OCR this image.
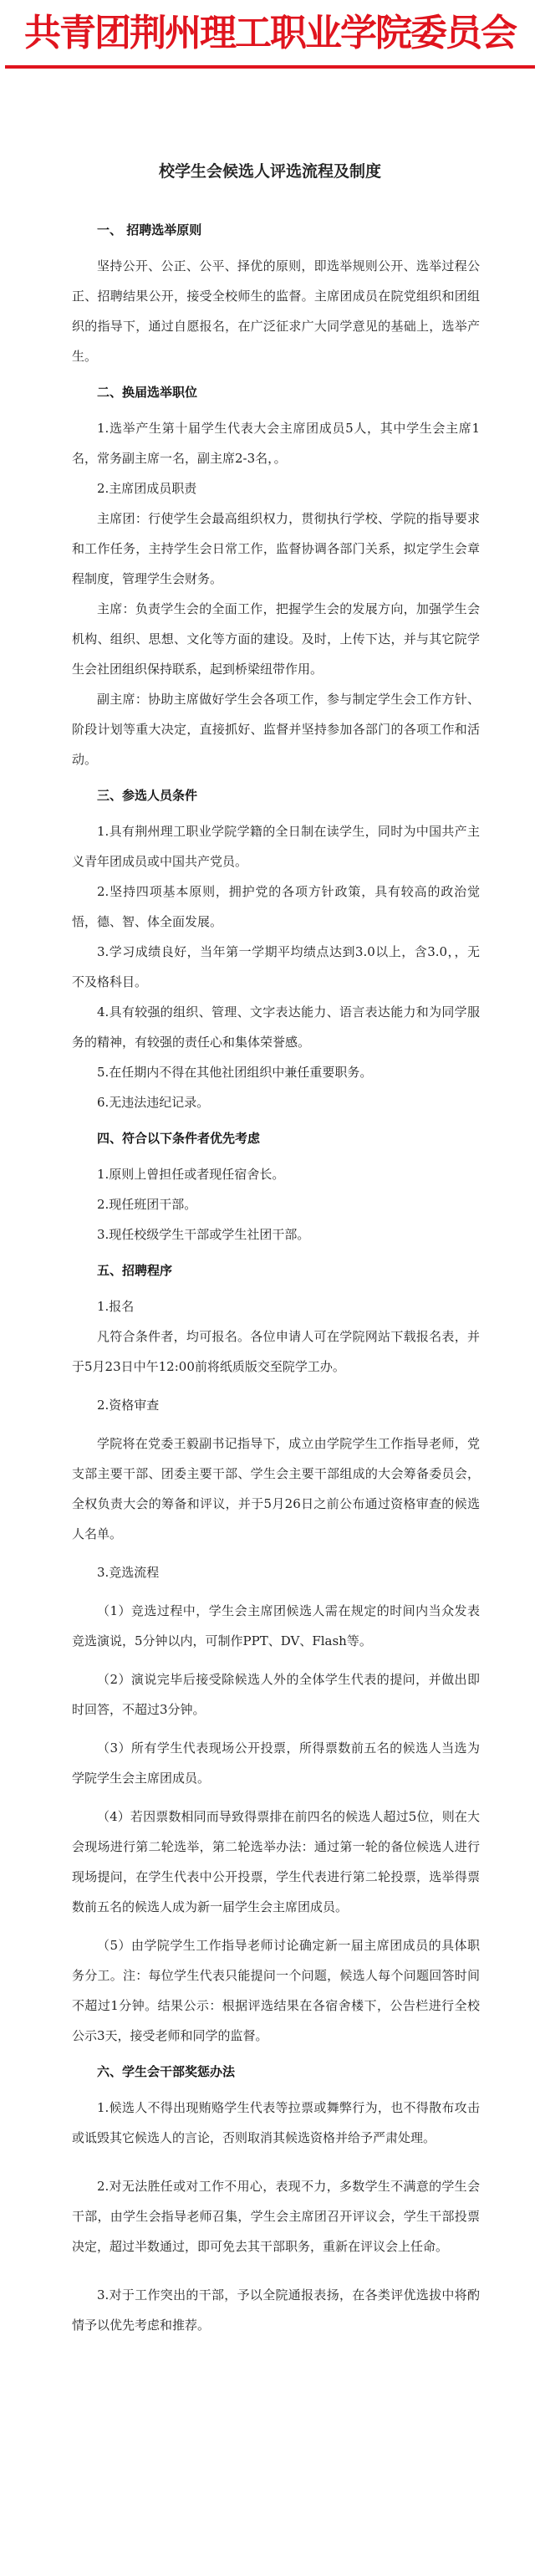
共青团荆州理工职业学院委员会
校学生会候选人评选流程及制度
一、 招聘选举原则

坚持公开、公正、公平、择优的原则，即选举规则公开、选举过程公正、招聘结果公开，接受全校师生的监督。主席团成员在院党组织和团组织的指导下，通过自愿报名，在广泛征求广大同学意见的基础上，选举产生。

二、换届选举职位

1.选举产生第十届学生代表大会主席团成员5人，其中学生会主席1名，常务副主席一名，副主席2-3名，。

2.主席团成员职责

主席团：行使学生会最高组织权力，贯彻执行学校、学院的指导要求和工作任务，主持学生会日常工作，监督协调各部门关系，拟定学生会章程制度，管理学生会财务。

主席：负责学生会的全面工作，把握学生会的发展方向，加强学生会机构、组织、思想、文化等方面的建设。及时，上传下达，并与其它院学生会社团组织保持联系，起到桥梁纽带作用。

副主席：协助主席做好学生会各项工作，参与制定学生会工作方针、阶段计划等重大决定，直接抓好、监督并坚持参加各部门的各项工作和活动。

三、参选人员条件

1.具有荆州理工职业学院学籍的全日制在读学生，同时为中国共产主义青年团成员或中国共产党员。

2.坚持四项基本原则，拥护党的各项方针政策，具有较高的政治觉悟，德、智、体全面发展。

3.学习成绩良好，当年第一学期平均绩点达到3.0以上，含3.0，，无不及格科目。

4.具有较强的组织、管理、文字表达能力、语言表达能力和为同学服务的精神，有较强的责任心和集体荣誉感。

5.在任期内不得在其他社团组织中兼任重要职务。

6.无违法违纪记录。

四、符合以下条件者优先考虑

1.原则上曾担任或者现任宿舍长。

2.现任班团干部。

3.现任校级学生干部或学生社团干部。

五、招聘程序

1.报名

凡符合条件者，均可报名。各位申请人可在学院网站下载报名表，并于5月23日中午12:00前将纸质版交至院学工办。

2.资格审查

学院将在党委王毅副书记指导下，成立由学院学生工作指导老师，党支部主要干部、团委主要干部、学生会主要干部组成的大会筹备委员会，全权负责大会的筹备和评议，并于5月26日之前公布通过资格审查的候选人名单。

3.竞选流程

（1）竞选过程中，学生会主席团候选人需在规定的时间内当众发表竞选演说，5分钟以内，可制作PPT、DV、Flash等。

（2）演说完毕后接受除候选人外的全体学生代表的提问，并做出即时回答，不超过3分钟。

（3）所有学生代表现场公开投票，所得票数前五名的候选人当选为学院学生会主席团成员。

（4）若因票数相同而导致得票排在前四名的候选人超过5位，则在大会现场进行第二轮选举，第二轮选举办法：通过第一轮的备位候选人进行现场提问，在学生代表中公开投票，学生代表进行第二轮投票，选举得票数前五名的候选人成为新一届学生会主席团成员。

（5）由学院学生工作指导老师讨论确定新一届主席团成员的具体职务分工。注：每位学生代表只能提问一个问题，候选人每个问题回答时间不超过1分钟。结果公示：根据评选结果在各宿舍楼下，公告栏进行全校公示3天，接受老师和同学的监督。

六、学生会干部奖惩办法

1.候选人不得出现贿赂学生代表等拉票或舞弊行为，也不得散布攻击或诋毁其它候选人的言论，否则取消其候选资格并给予严肃处理。

2.对无法胜任或对工作不用心，表现不力，多数学生不满意的学生会干部，由学生会指导老师召集，学生会主席团召开评议会，学生干部投票决定，超过半数通过，即可免去其干部职务，重新在评议会上任命。

3.对于工作突出的干部，予以全院通报表扬，在各类评优选拔中将酌情予以优先考虑和推荐。
